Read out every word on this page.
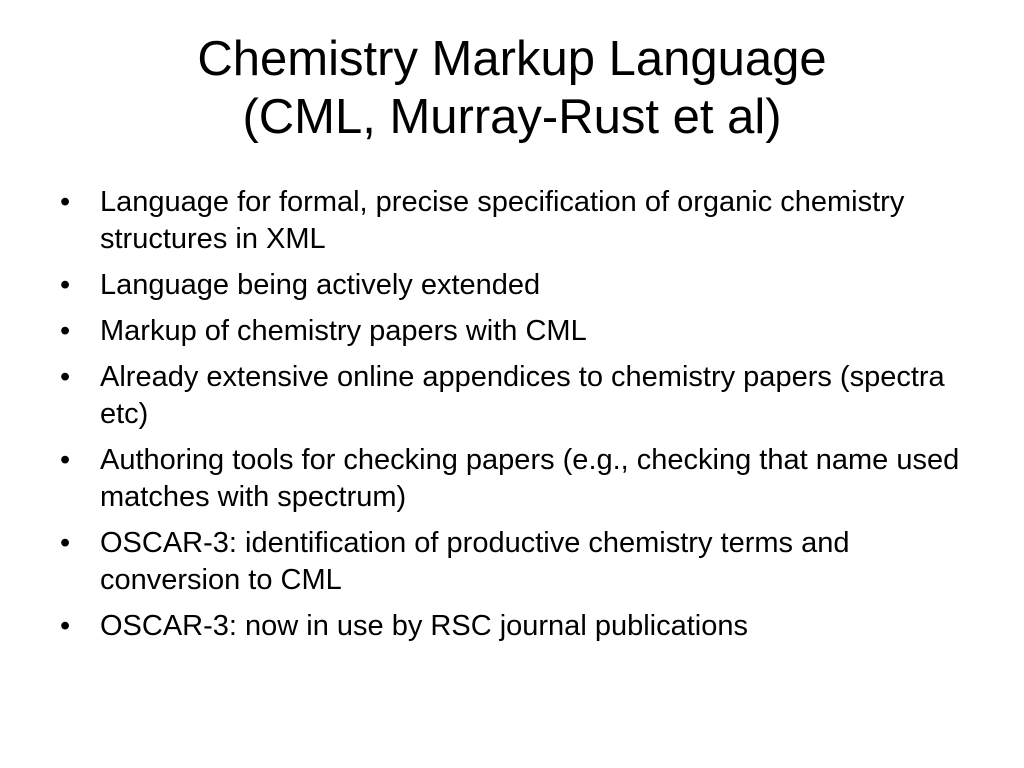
Chemistry Markup Language
(CML, Murray-Rust et al)
•	Language for formal, precise specification of organic chemistry structures in XML
•	Language being actively extended
•	Markup of chemistry papers with CML
•	Already extensive online appendices to chemistry papers (spectra etc)
•	Authoring tools for checking papers (e.g., checking that name used matches with spectrum)
•	OSCAR-3: identification of productive chemistry terms and conversion to CML
•	OSCAR-3: now in use by RSC journal publications
